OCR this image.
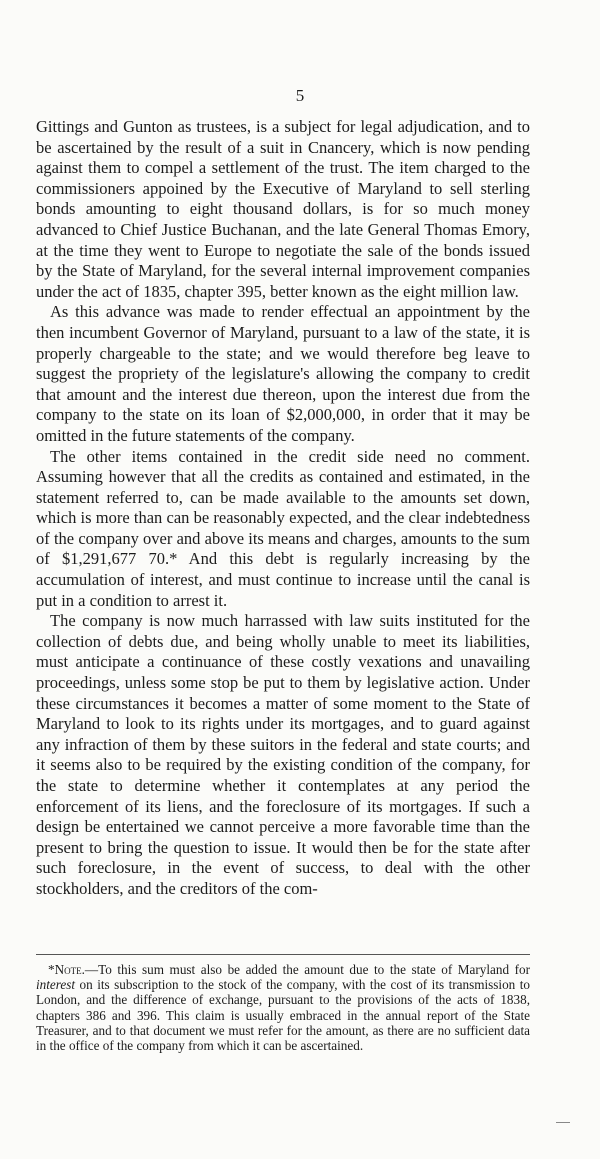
5

Gittings and Gunton as trustees, is a subject for legal adjudication, and to be ascertained by the result of a suit in Cnancery, which is now pending against them to compel a settlement of the trust. The item charged to the commissioners appoined by the Executive of Maryland to sell sterling bonds amounting to eight thousand dollars, is for so much money advanced to Chief Justice Buchanan, and the late General Thomas Emory, at the time they went to Europe to negotiate the sale of the bonds issued by the State of Maryland, for the several internal improvement companies under the act of 1835, chapter 395, better known as the eight million law.

As this advance was made to render effectual an appointment by the then incumbent Governor of Maryland, pursuant to a law of the state, it is properly chargeable to the state; and we would therefore beg leave to suggest the propriety of the legislature's allowing the company to credit that amount and the interest due thereon, upon the interest due from the company to the state on its loan of $2,000,000, in order that it may be omitted in the future statements of the company.

The other items contained in the credit side need no comment. Assuming however that all the credits as contained and estimated, in the statement referred to, can be made available to the amounts set down, which is more than can be reasonably expected, and the clear indebtedness of the company over and above its means and charges, amounts to the sum of $1,291,677 70.* And this debt is regularly increasing by the accumulation of interest, and must continue to increase until the canal is put in a condition to arrest it.

The company is now much harrassed with law suits instituted for the collection of debts due, and being wholly unable to meet its liabilities, must anticipate a continuance of these costly vexations and unavailing proceedings, unless some stop be put to them by legislative action. Under these circumstances it becomes a matter of some moment to the State of Maryland to look to its rights under its mortgages, and to guard against any infraction of them by these suitors in the federal and state courts; and it seems also to be required by the existing condition of the company, for the state to determine whether it contemplates at any period the enforcement of its liens, and the foreclosure of its mortgages. If such a design be entertained we cannot perceive a more favorable time than the present to bring the question to issue. It would then be for the state after such foreclosure, in the event of success, to deal with the other stockholders, and the creditors of the com-

*Note.—To this sum must also be added the amount due to the state of Maryland for interest on its subscription to the stock of the company, with the cost of its transmission to London, and the difference of exchange, pursuant to the provisions of the acts of 1838, chapters 386 and 396. This claim is usually embraced in the annual report of the State Treasurer, and to that document we must refer for the amount, as there are no sufficient data in the office of the company from which it can be ascertained.
